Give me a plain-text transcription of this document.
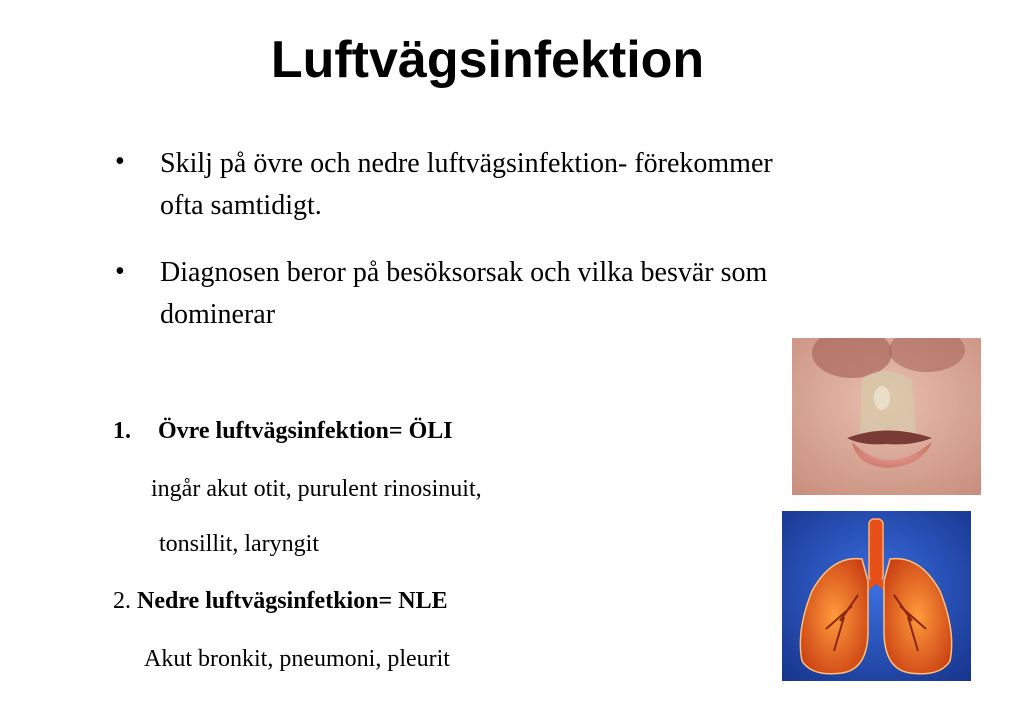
Luftvägsinfektion
• Skilj på övre och nedre luftvägsinfektion- förekommer ofta samtidigt.
• Diagnosen beror på besöksorsak och vilka besvär som dominerar
1. Övre luftvägsinfektion= ÖLI
ingår akut otit, purulent rinosinuit,
tonsillit, laryngit
2. Nedre luftvägsinfetkion= NLE
Akut bronkit, pneumoni, pleurit
